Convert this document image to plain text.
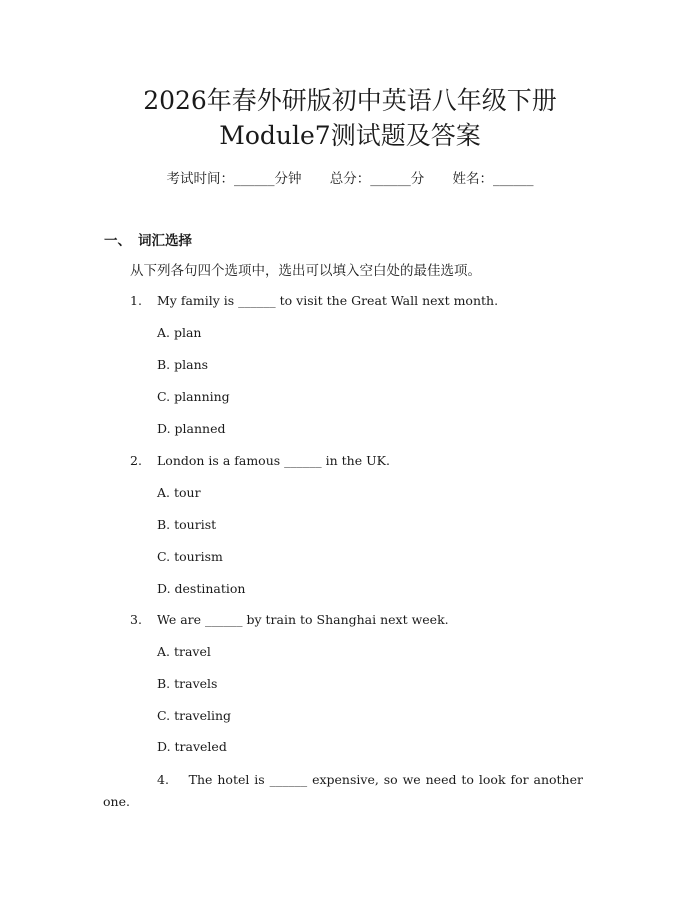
2026年春外研版初中英语八年级下册
Module7测试题及答案
考试时间：______分钟 总分：______分 姓名：______
一、 词汇选择
从下列各句四个选项中，选出可以填入空白处的最佳选项。
1. My family is ______ to visit the Great Wall next month.
A. plan
B. plans
C. planning
D. planned
2. London is a famous ______ in the UK.
A. tour
B. tourist
C. tourism
D. destination
3. We are ______ by train to Shanghai next week.
A. travel
B. travels
C. traveling
D. traveled
4. The hotel is ______ expensive, so we need to look for another one.
